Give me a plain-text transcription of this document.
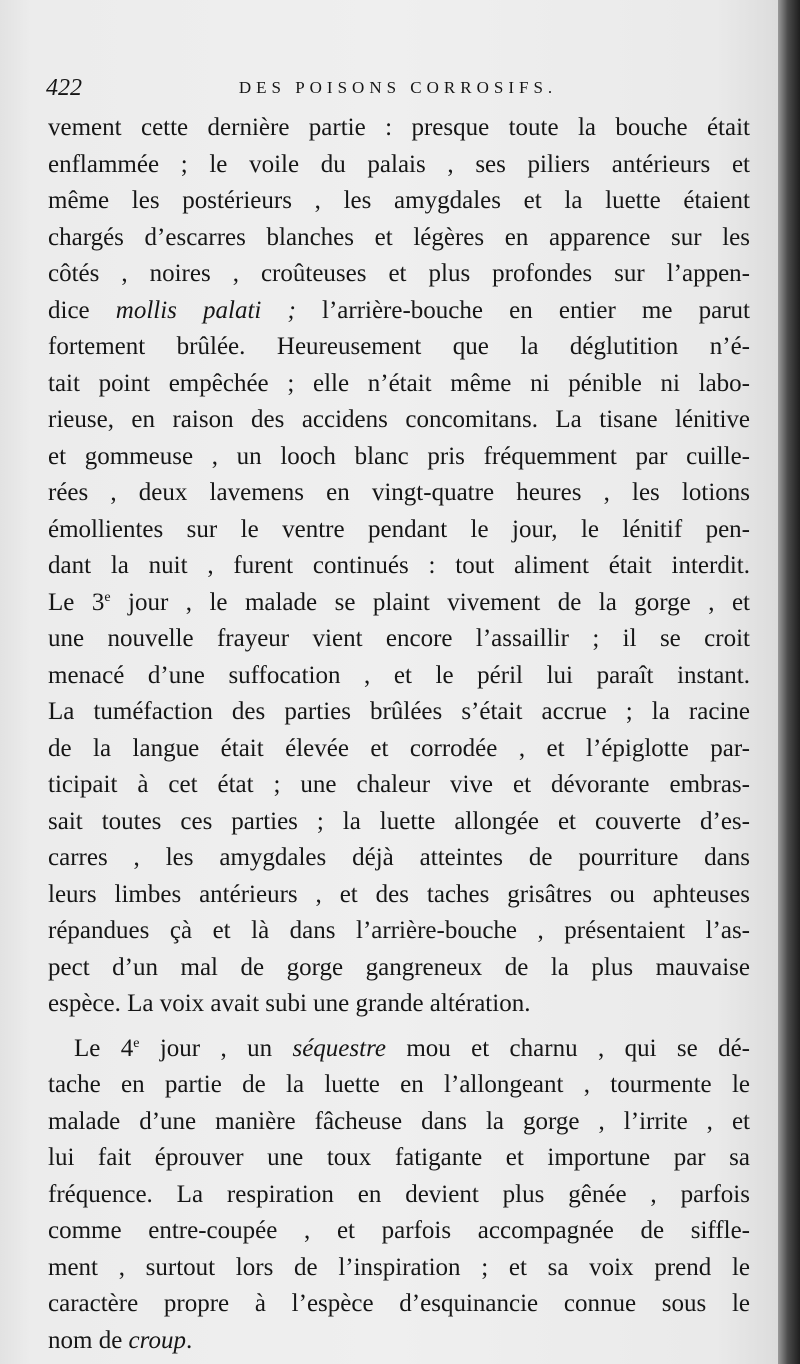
422	DES POISONS CORROSIFS.
vement cette dernière partie : presque toute la bouche était
enflammée ; le voile du palais , ses piliers antérieurs et
même les postérieurs , les amygdales et la luette étaient
chargés d’escarres blanches et légères en apparence sur les
côtés , noires , croûteuses et plus profondes sur l’appen-
dice mollis palati ; l’arrière-bouche en entier me parut
fortement brûlée. Heureusement que la déglutition n’é-
tait point empêchée ; elle n’était même ni pénible ni labo-
rieuse, en raison des accidens concomitans. La tisane lénitive
et gommeuse , un looch blanc pris fréquemment par cuille-
rées , deux lavemens en vingt-quatre heures , les lotions
émollientes sur le ventre pendant le jour, le lénitif pen-
dant la nuit , furent continués : tout aliment était interdit.
Le 3e jour , le malade se plaint vivement de la gorge , et
une nouvelle frayeur vient encore l’assaillir ; il se croit
menacé d’une suffocation , et le péril lui paraît instant.
La tuméfaction des parties brûlées s’était accrue ; la racine
de la langue était élevée et corrodée , et l’épiglotte par-
ticipait à cet état ; une chaleur vive et dévorante embras-
sait toutes ces parties ; la luette allongée et couverte d’es-
carres , les amygdales déjà atteintes de pourriture dans
leurs limbes antérieurs , et des taches grisâtres ou aphteuses
répandues çà et là dans l’arrière-bouche , présentaient l’as-
pect d’un mal de gorge gangreneux de la plus mauvaise
espèce. La voix avait subi une grande altération.
Le 4e jour , un séquestre mou et charnu , qui se dé-
tache en partie de la luette en l’allongeant , tourmente le
malade d’une manière fâcheuse dans la gorge , l’irrite , et
lui fait éprouver une toux fatigante et importune par sa
fréquence. La respiration en devient plus gênée , parfois
comme entre-coupée , et parfois accompagnée de siffle-
ment , surtout lors de l’inspiration ; et sa voix prend le
caractère propre à l’espèce d’esquinancie connue sous le
nom de croup.
